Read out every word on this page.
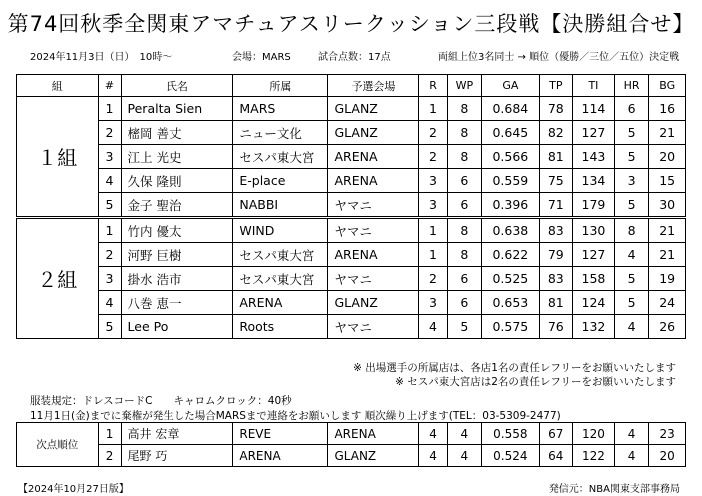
第74回秋季全関東アマチュアスリークッション三段戦【決勝組合せ】
2024年11月3日（日）　10時〜	会場：MARS	試合点数：17点	両組上位3名同士 → 順位（優勝／三位／五位）決定戦
組	#	氏名	所属	予選会場	R	WP	GA	TP	TI	HR	BG
１組	1	Peralta Sien	MARS	GLANZ	1	8	0.684	78	114	6	16
	2	樒岡 善丈	ニュー文化	GLANZ	2	8	0.645	82	127	5	21
	3	江上 光史	セスパ東大宮	ARENA	2	8	0.566	81	143	5	20
	4	久保 隆則	E-place	ARENA	3	6	0.559	75	134	3	15
	5	金子 聖治	NABBI	ヤマニ	3	6	0.396	71	179	5	30
２組	1	竹内 優太	WIND	ヤマニ	1	8	0.638	83	130	8	21
	2	河野 巨樹	セスパ東大宮	ARENA	1	8	0.622	79	127	4	21
	3	掛水 浩市	セスパ東大宮	ヤマニ	2	6	0.525	83	158	5	19
	4	八巻 恵一	ARENA	GLANZ	3	6	0.653	81	124	5	24
	5	Lee Po	Roots	ヤマニ	4	5	0.575	76	132	4	26
※ 出場選手の所属店は、各店1名の責任レフリーをお願いいたします
※ セスパ東大宮店は2名の責任レフリーをお願いいたします
服装規定：ドレスコードC　　キャロムクロック：40秒
11月1日(金)までに棄権が発生した場合MARSまで連絡をお願いします 順次繰り上げます(TEL：03-5309-2477)
次点順位	1	高井 宏章	REVE	ARENA	4	4	0.558	67	120	4	23
	2	尾野 巧	ARENA	GLANZ	4	4	0.524	64	122	4	20
【2024年10月27日版】	発信元：NBA関東支部事務局
